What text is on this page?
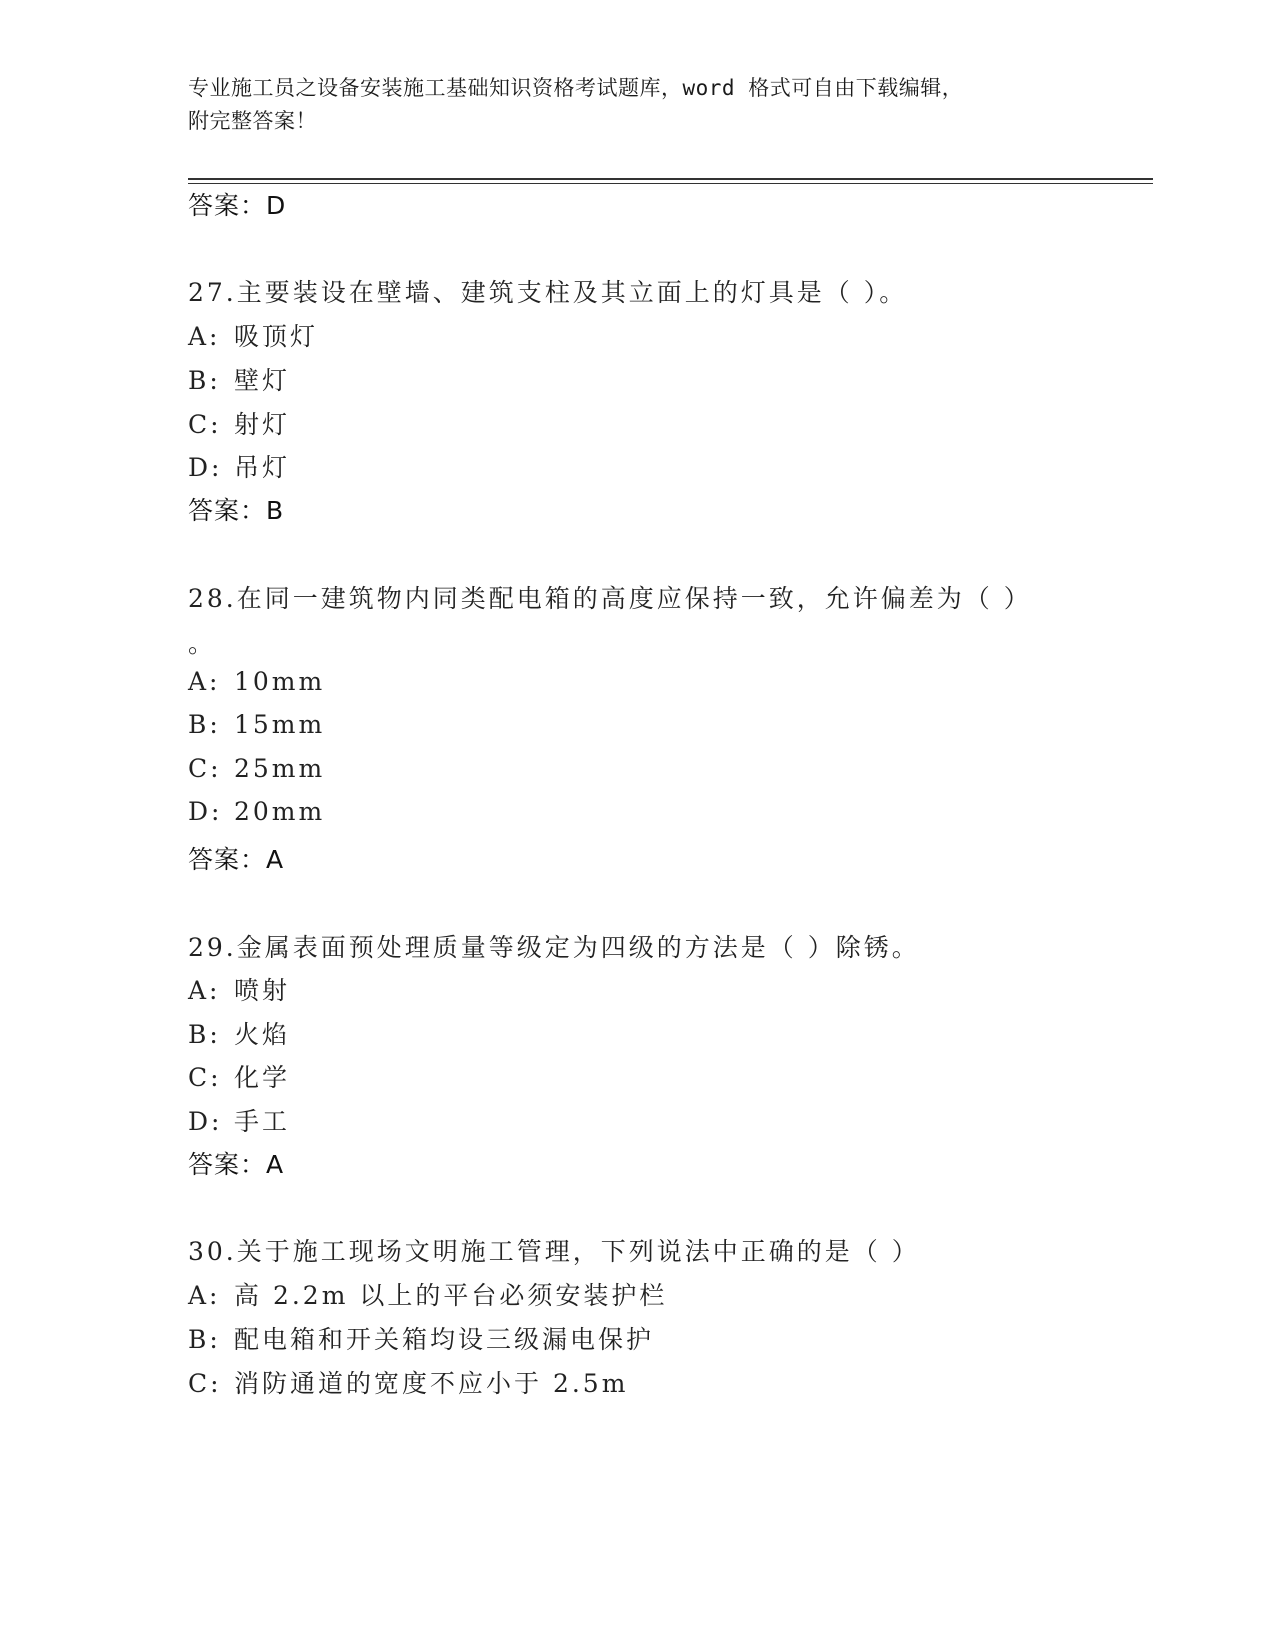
专业施工员之设备安装施工基础知识资格考试题库，word 格式可自由下载编辑，
附完整答案！
答案：D
27.主要装设在壁墙、建筑支柱及其立面上的灯具是（ ）。
A: 吸顶灯
B: 壁灯
C: 射灯
D: 吊灯
答案：B
28.在同一建筑物内同类配电箱的高度应保持一致，允许偏差为（ ）
。
A: 10mm
B: 15mm
C: 25mm
D: 20mm
答案：A
29.金属表面预处理质量等级定为四级的方法是（ ）除锈。
A: 喷射
B: 火焰
C: 化学
D: 手工
答案：A
30.关于施工现场文明施工管理，下列说法中正确的是（ ）
A: 高 2.2m 以上的平台必须安装护栏
B: 配电箱和开关箱均设三级漏电保护
C: 消防通道的宽度不应小于 2.5m
